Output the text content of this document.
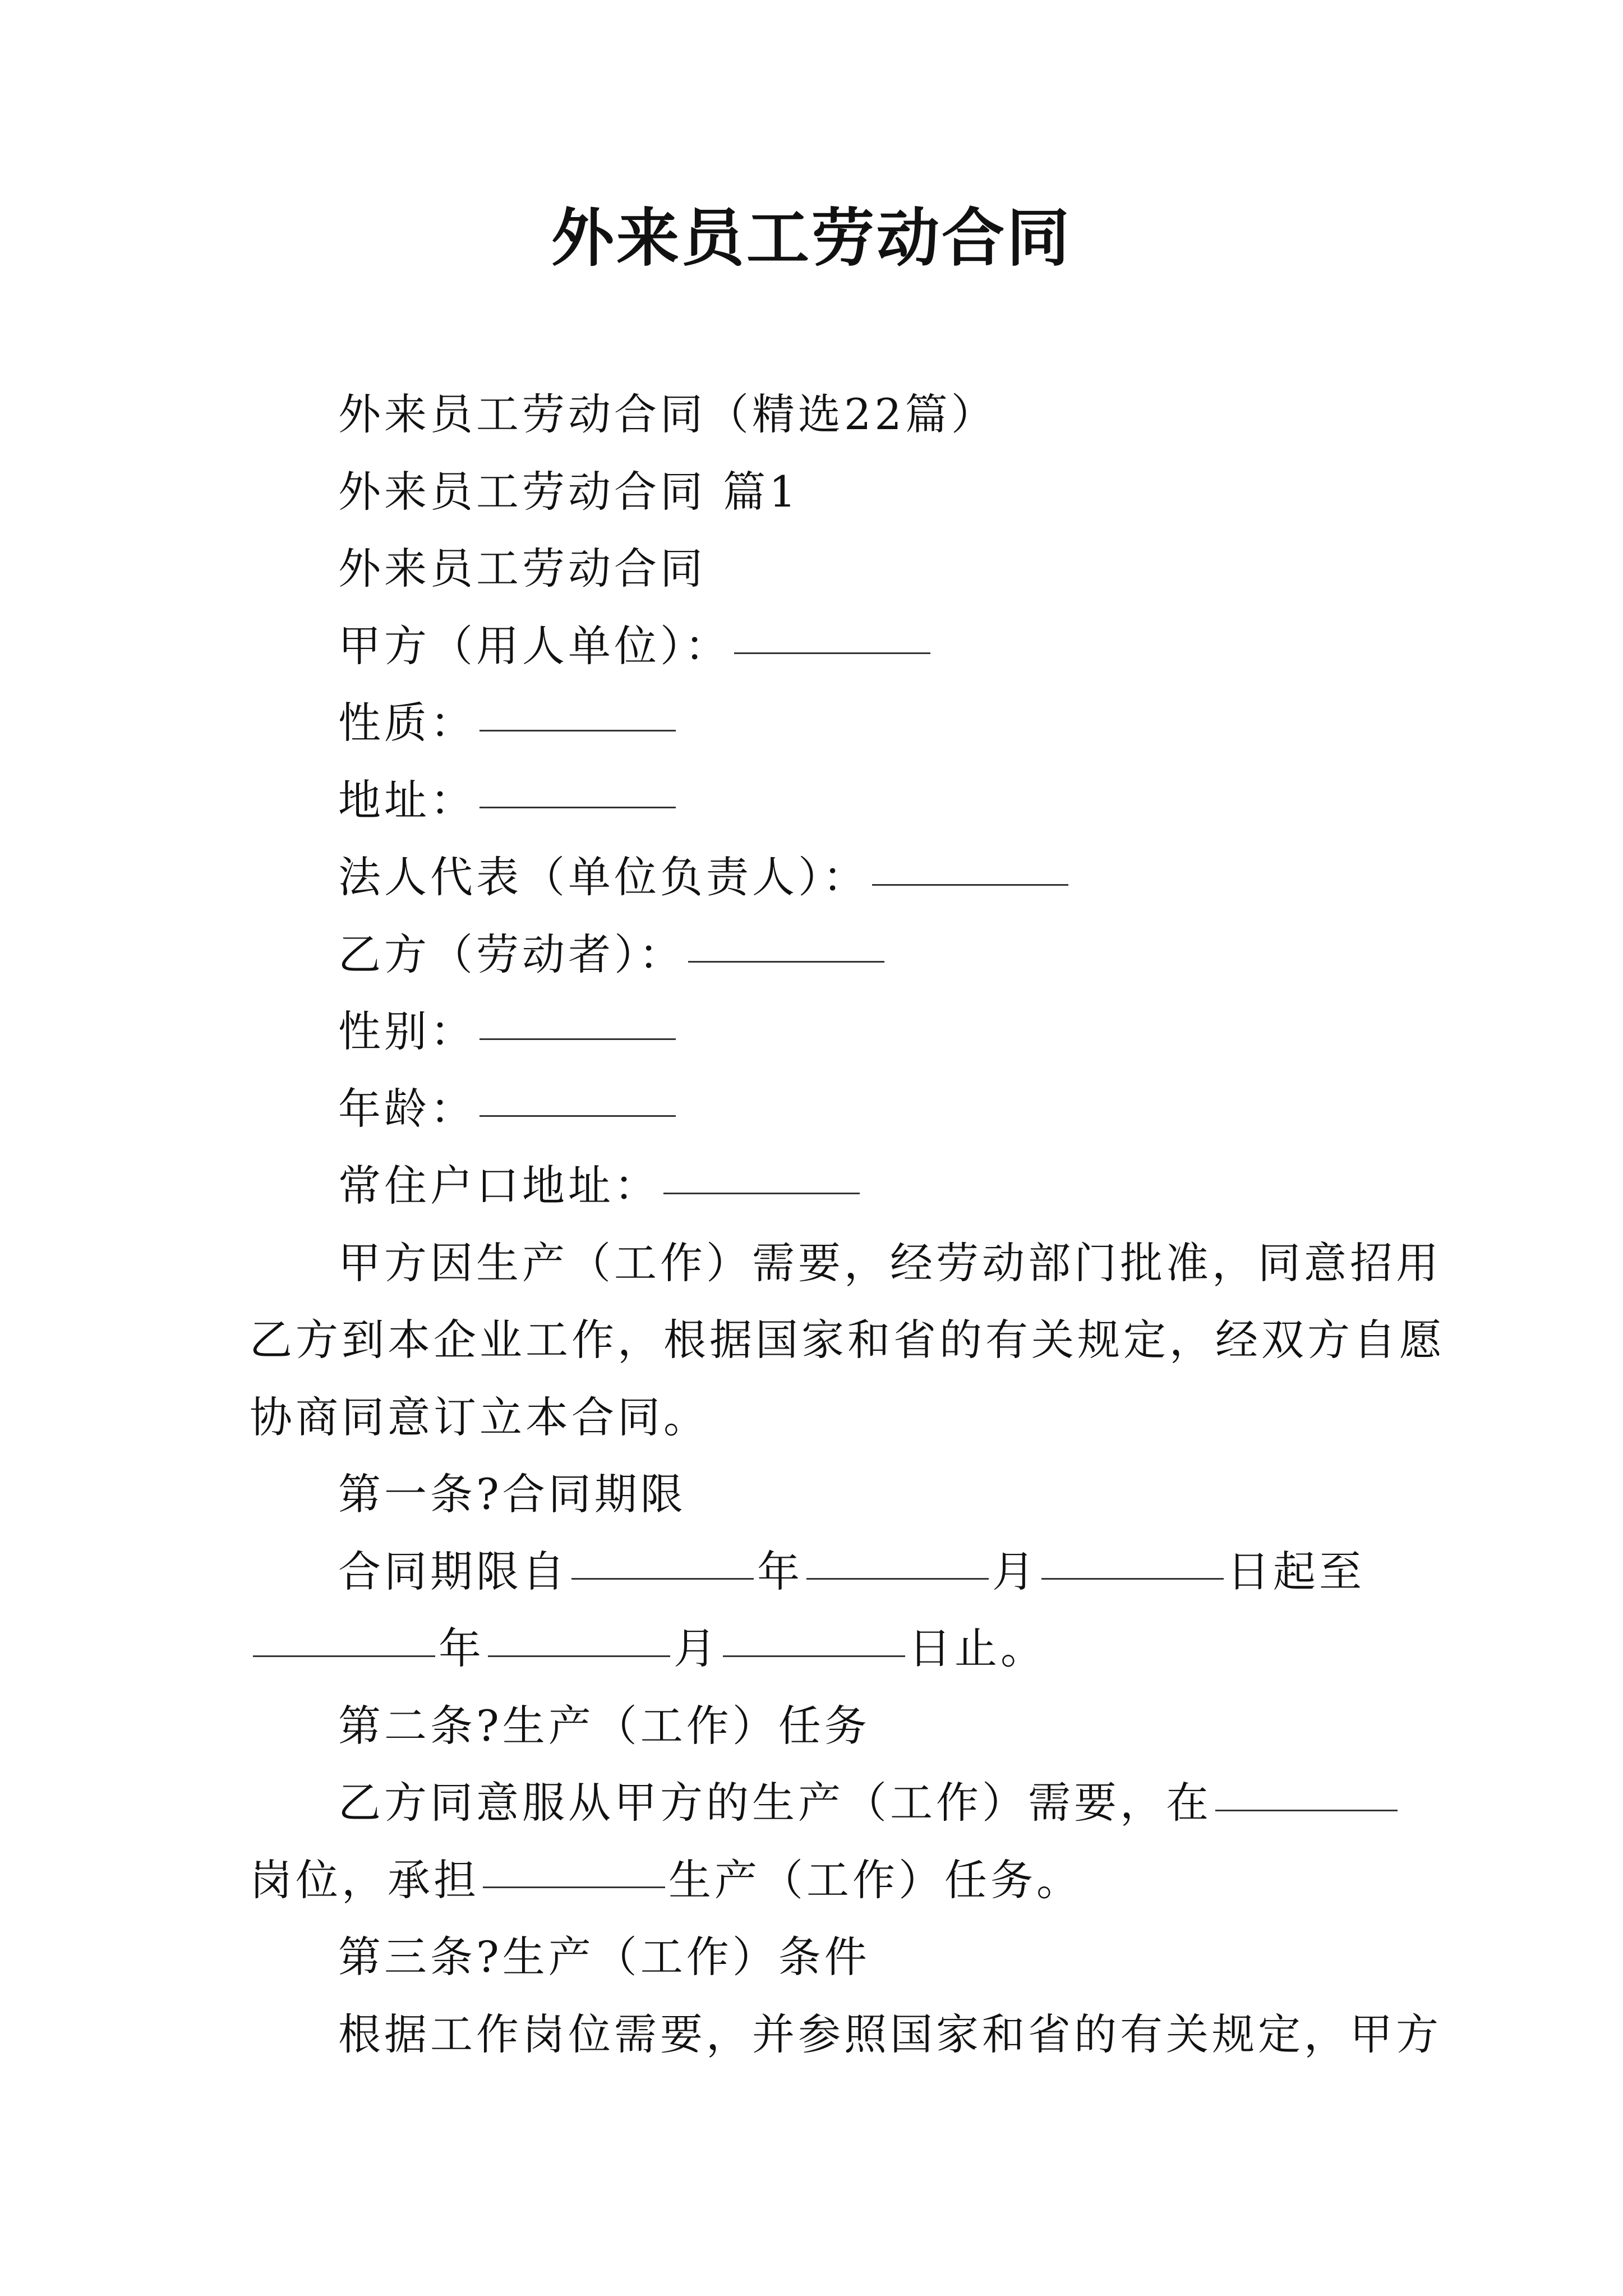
外来员工劳动合同
外来员工劳动合同（精选22篇）
外来员工劳动合同 篇1
外来员工劳动合同
甲方（用人单位）：
性质：
地址：
法人代表（单位负责人）：
乙方（劳动者）：
性别：
年龄：
常住户口地址：
甲方因生产（工作）需要，经劳动部门批准，同意招用
乙方到本企业工作，根据国家和省的有关规定，经双方自愿
协商同意订立本合同。
第一条?合同期限
合同期限自	年	月	日起至
年	月	日止。
第二条?生产（工作）任务
乙方同意服从甲方的生产（工作）需要，在
岗位，承担	生产（工作）任务。
第三条?生产（工作）条件
根据工作岗位需要，并参照国家和省的有关规定，甲方
